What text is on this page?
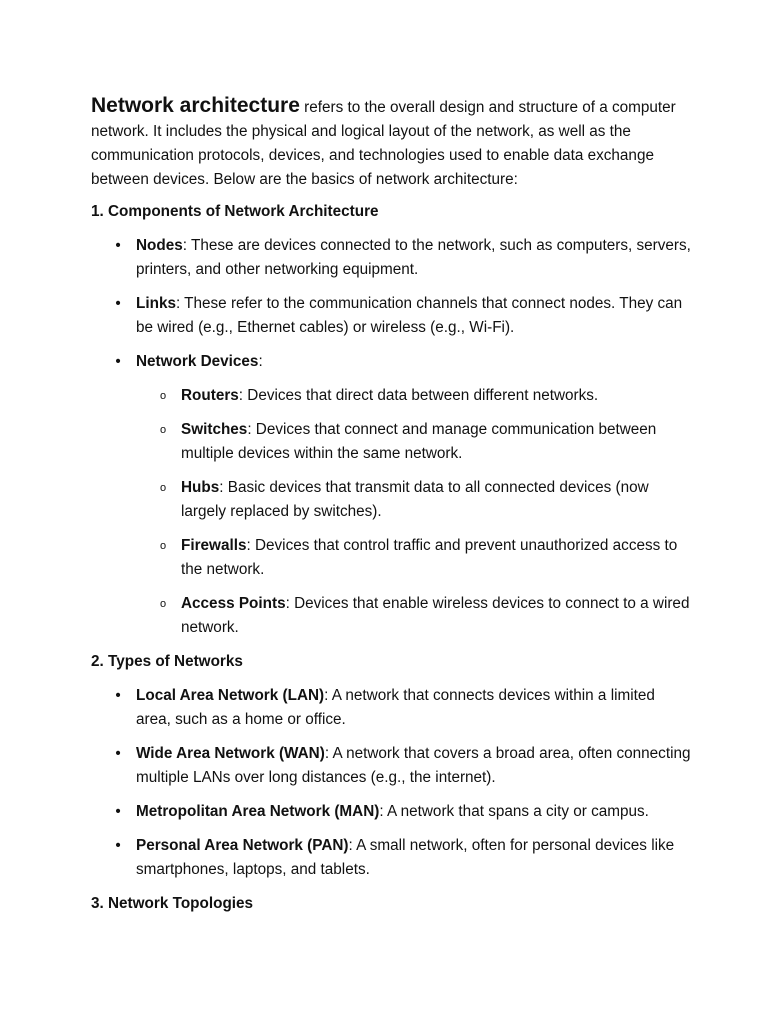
Network architecture refers to the overall design and structure of a computer network. It includes the physical and logical layout of the network, as well as the communication protocols, devices, and technologies used to enable data exchange between devices. Below are the basics of network architecture:

1. Components of Network Architecture

• Nodes: These are devices connected to the network, such as computers, servers, printers, and other networking equipment.
• Links: These refer to the communication channels that connect nodes. They can be wired (e.g., Ethernet cables) or wireless (e.g., Wi-Fi).
• Network Devices:
o Routers: Devices that direct data between different networks.
o Switches: Devices that connect and manage communication between multiple devices within the same network.
o Hubs: Basic devices that transmit data to all connected devices (now largely replaced by switches).
o Firewalls: Devices that control traffic and prevent unauthorized access to the network.
o Access Points: Devices that enable wireless devices to connect to a wired network.

2. Types of Networks

• Local Area Network (LAN): A network that connects devices within a limited area, such as a home or office.
• Wide Area Network (WAN): A network that covers a broad area, often connecting multiple LANs over long distances (e.g., the internet).
• Metropolitan Area Network (MAN): A network that spans a city or campus.
• Personal Area Network (PAN): A small network, often for personal devices like smartphones, laptops, and tablets.

3. Network Topologies
